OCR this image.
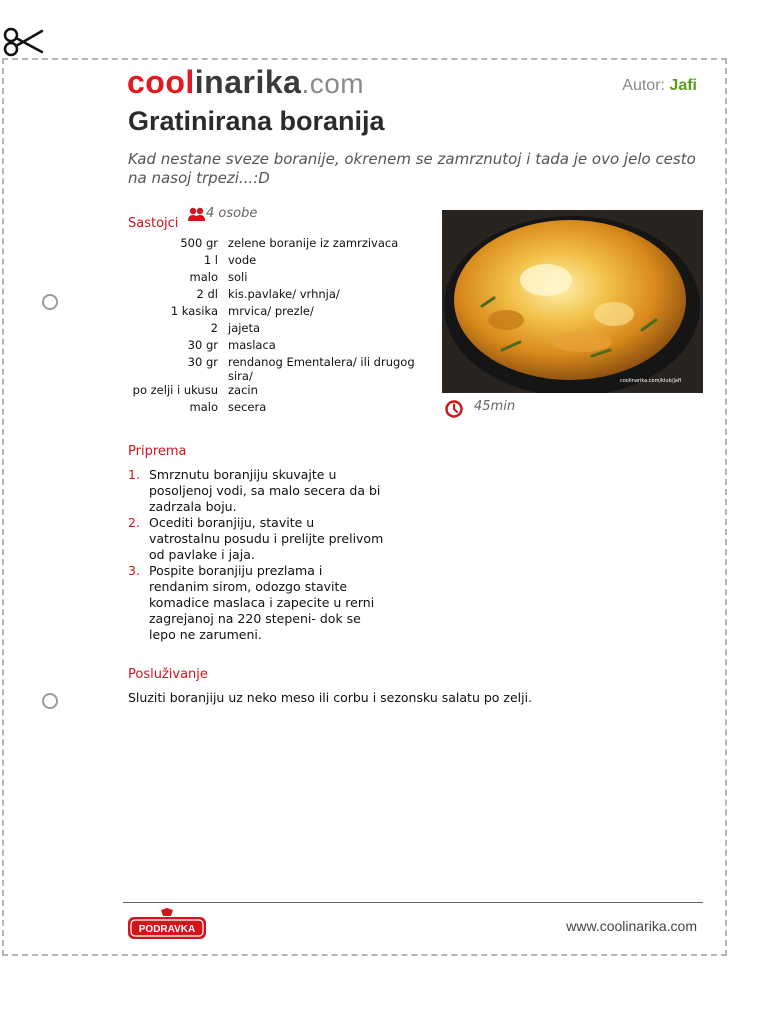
coolinarika.com	Autor: Jafi
Gratinirana boranija

Kad nestane sveze boranije, okrenem se zamrznutoj i tada je ovo jelo cesto na nasoj trpezi...:D

Sastojci
4 osobe
500 gr	zelene boranije iz zamrzivaca
1 l	vode
malo	soli
2 dl	kis.pavlake/ vrhnja/
1 kasika	mrvica/ prezle/
2	jajeta
30 gr	maslaca
30 gr	rendanog Ementalera/ ili drugog sira/
po zelji i ukusu	zacin
malo	secera
coolinarika.com/klub/Jafi
45min
Priprema
1. Smrznutu boranjiju skuvajte u posoljenoj vodi, sa malo secera da bi zadrzala boju.
2. Ocediti boranjiju, stavite u vatrostalnu posudu i prelijte prelivom od pavlake i jaja.
3. Pospite boranjiju prezlama i rendanim sirom, odozgo stavite komadice maslaca i zapecite u rerni zagrejanoj na 220 stepeni- dok se lepo ne zarumeni.
Posluživanje

Sluziti boranjiju uz neko meso ili corbu i sezonsku salatu po zelji.

PODRAVKA	www.coolinarika.com
